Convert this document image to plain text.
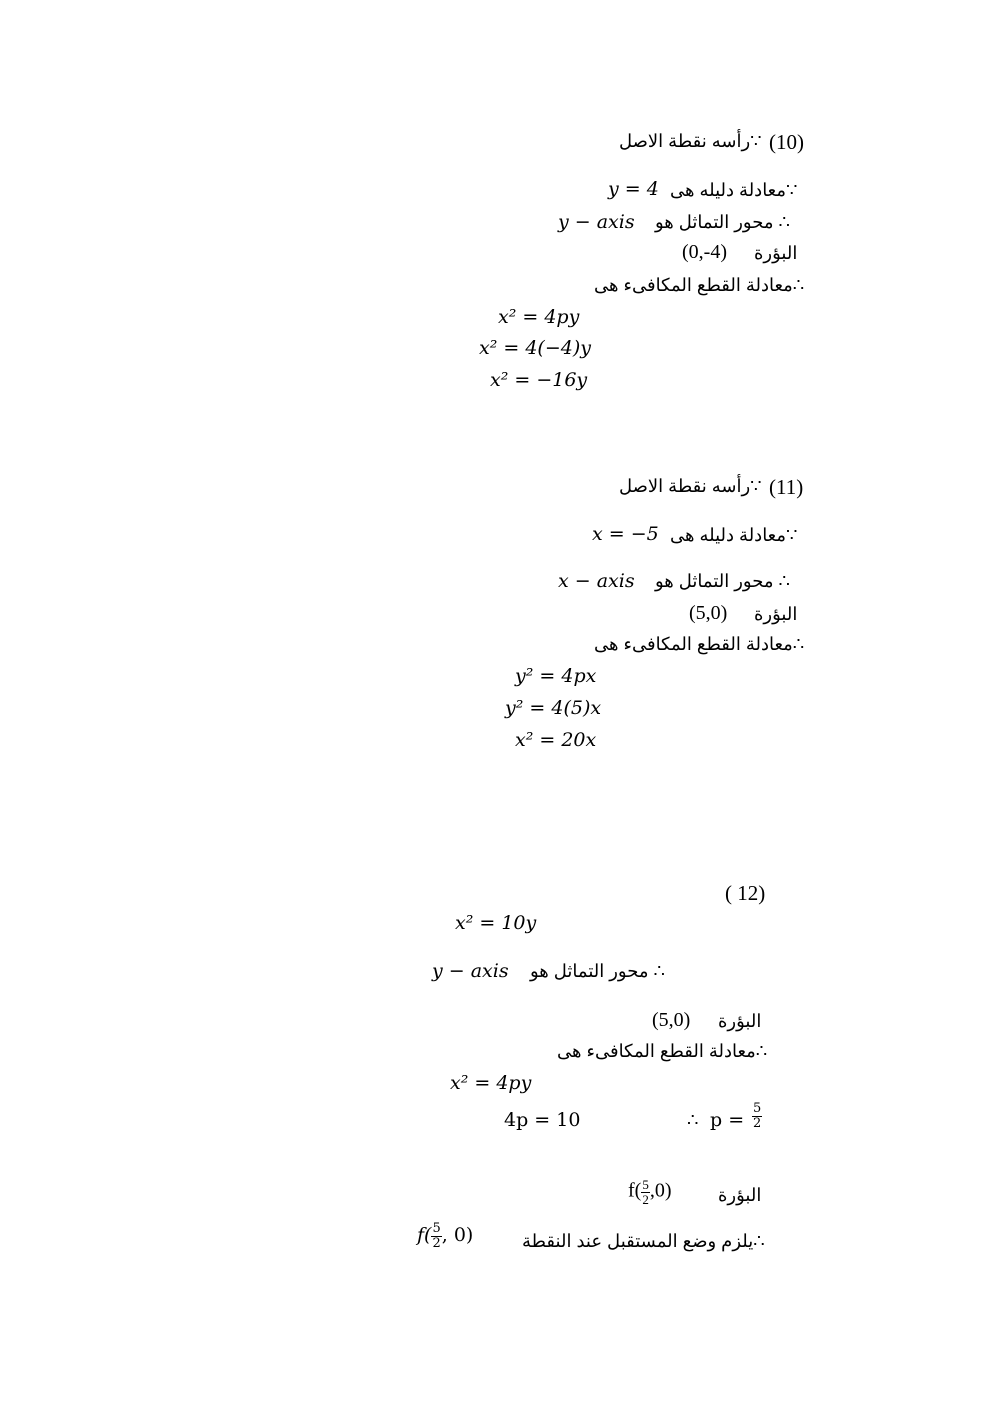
∵رأسه نقطة الاصل (10)
y = 4 ∵معادلة دليله هى
y − axis ∴ محور التماثل هو
(0,-4) البؤرة
∴معادلة القطع المكافىء هى
x² = 4py
x² = 4(−4)y
x² = −16y
∵رأسه نقطة الاصل (11)
x = −5 ∵معادلة دليله هى
x − axis ∴ محور التماثل هو
(5,0) البؤرة
∴معادلة القطع المكافىء هى
y² = 4px
y² = 4(5)x
x² = 20x
( 12)
x² = 10y
y − axis ∴ محور التماثل هو
(5,0) البؤرة
∴معادلة القطع المكافىء هى
x² = 4py
4p = 10	∴ $p = \frac{5}{2}$
$f( \frac{5}{2} ,0)$	البؤرة
$f( \frac{5}{2}$ , 0)	∴يلزم وضع المستقبل عند النقطة
